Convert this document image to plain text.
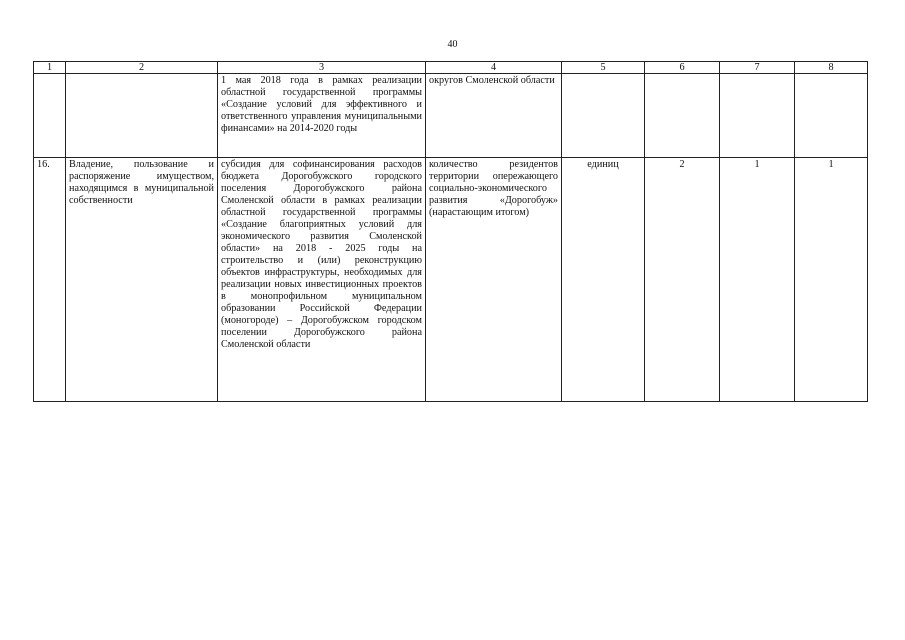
40
1	2	3	4	5	6	7	8
		1 мая 2018 года в рамках реализации областной государственной программы «Создание условий для эффективного и ответственного управления муниципальными финансами» на 2014-2020 годы	округов Смоленской области				
16.	Владение, пользование и распоряжение имуществом, находящимся в муниципальной собственности	субсидия для софинансирования расходов бюджета Дорогобужского городского поселения Дорогобужского района Смоленской области в рамках реализации областной государственной программы «Создание благоприятных условий для экономического развития Смоленской области» на 2018 - 2025 годы на строительство и (или) реконструкцию объектов инфраструктуры, необходимых для реализации новых инвестиционных проектов в монопрофильном муниципальном образовании Российской Федерации (моногороде) – Дорогобужском городском поселении Дорогобужского района Смоленской области	количество резидентов территории опережающего социально-экономического развития «Дорогобуж» (нарастающим итогом)	единиц	2	1	1
